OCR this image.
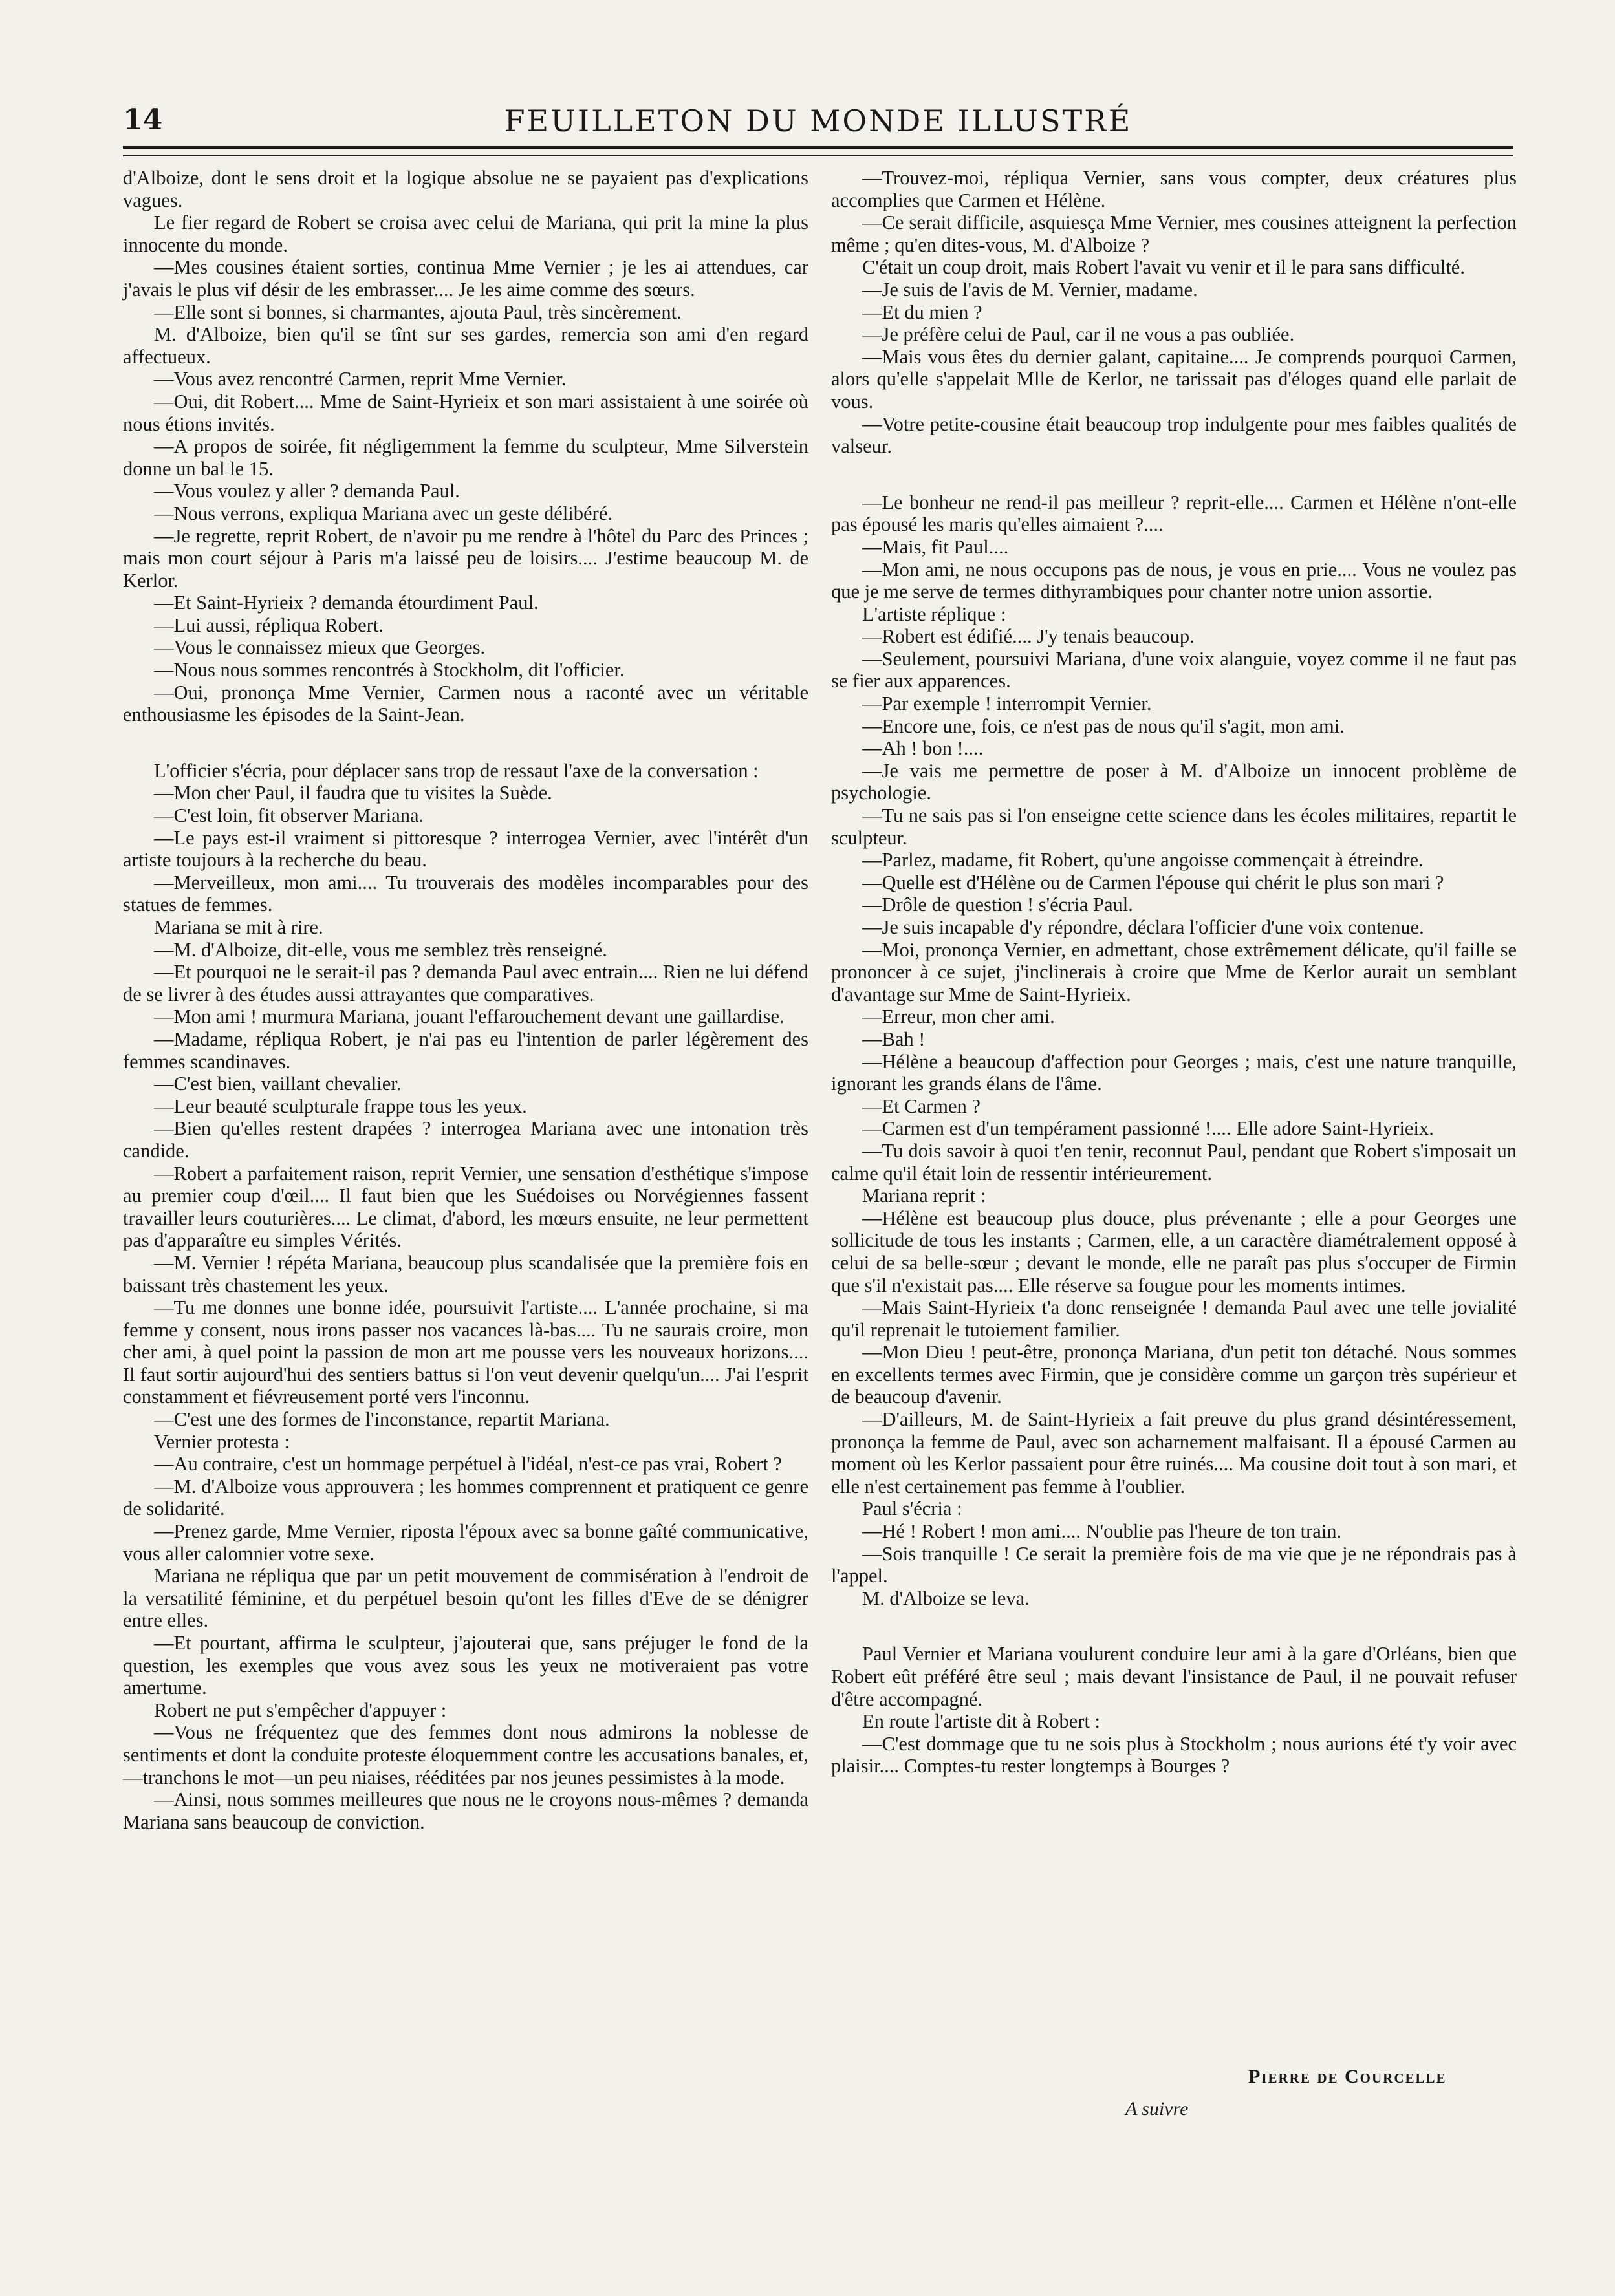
14	FEUILLETON DU MONDE ILLUSTRÉ

d'Alboize, dont le sens droit et la logique absolue ne se payaient pas d'explications vagues.

Le fier regard de Robert se croisa avec celui de Mariana, qui prit la mine la plus innocente du monde.

—Mes cousines étaient sorties, continua Mme Vernier ; je les ai attendues, car j'avais le plus vif désir de les embrasser.... Je les aime comme des sœurs.

—Elle sont si bonnes, si charmantes, ajouta Paul, très sincèrement.

M. d'Alboize, bien qu'il se tînt sur ses gardes, remercia son ami d'en regard affectueux.

—Vous avez rencontré Carmen, reprit Mme Vernier.

—Oui, dit Robert.... Mme de Saint-Hyrieix et son mari assistaient à une soirée où nous étions invités.

—A propos de soirée, fit négligemment la femme du sculpteur, Mme Silverstein donne un bal le 15.

—Vous voulez y aller ? demanda Paul.

—Nous verrons, expliqua Mariana avec un geste délibéré.

—Je regrette, reprit Robert, de n'avoir pu me rendre à l'hôtel du Parc des Princes ; mais mon court séjour à Paris m'a laissé peu de loisirs.... J'estime beaucoup M. de Kerlor.

—Et Saint-Hyrieix ? demanda étourdiment Paul.

—Lui aussi, répliqua Robert.

—Vous le connaissez mieux que Georges.

—Nous nous sommes rencontrés à Stockholm, dit l'officier.

—Oui, prononça Mme Vernier, Carmen nous a raconté avec un véritable enthousiasme les épisodes de la Saint-Jean.

L'officier s'écria, pour déplacer sans trop de ressaut l'axe de la conversation :

—Mon cher Paul, il faudra que tu visites la Suède.

—C'est loin, fit observer Mariana.

—Le pays est-il vraiment si pittoresque ? interrogea Vernier, avec l'intérêt d'un artiste toujours à la recherche du beau.

—Merveilleux, mon ami.... Tu trouverais des modèles incomparables pour des statues de femmes.

Mariana se mit à rire.

—M. d'Alboize, dit-elle, vous me semblez très renseigné.

—Et pourquoi ne le serait-il pas ? demanda Paul avec entrain.... Rien ne lui défend de se livrer à des études aussi attrayantes que comparatives.

—Mon ami ! murmura Mariana, jouant l'effarouchement devant une gaillardise.

—Madame, répliqua Robert, je n'ai pas eu l'intention de parler légèrement des femmes scandinaves.

—C'est bien, vaillant chevalier.

—Leur beauté sculpturale frappe tous les yeux.

—Bien qu'elles restent drapées ? interrogea Mariana avec une intonation très candide.

—Robert a parfaitement raison, reprit Vernier, une sensation d'esthétique s'impose au premier coup d'œil.... Il faut bien que les Suédoises ou Norvégiennes fassent travailler leurs couturières.... Le climat, d'abord, les mœurs ensuite, ne leur permettent pas d'apparaître eu simples Vérités.

—M. Vernier ! répéta Mariana, beaucoup plus scandalisée que la première fois en baissant très chastement les yeux.

—Tu me donnes une bonne idée, poursuivit l'artiste.... L'année prochaine, si ma femme y consent, nous irons passer nos vacances là-bas.... Tu ne saurais croire, mon cher ami, à quel point la passion de mon art me pousse vers les nouveaux horizons.... Il faut sortir aujourd'hui des sentiers battus si l'on veut devenir quelqu'un.... J'ai l'esprit constamment et fiévreusement porté vers l'inconnu.

—C'est une des formes de l'inconstance, repartit Mariana.

Vernier protesta :

—Au contraire, c'est un hommage perpétuel à l'idéal, n'est-ce pas vrai, Robert ?

—M. d'Alboize vous approuvera ; les hommes comprennent et pratiquent ce genre de solidarité.

—Prenez garde, Mme Vernier, riposta l'époux avec sa bonne gaîté communicative, vous aller calomnier votre sexe.

Mariana ne répliqua que par un petit mouvement de commisération à l'endroit de la versatilité féminine, et du perpétuel besoin qu'ont les filles d'Eve de se dénigrer entre elles.

—Et pourtant, affirma le sculpteur, j'ajouterai que, sans préjuger le fond de la question, les exemples que vous avez sous les yeux ne motiveraient pas votre amertume.

Robert ne put s'empêcher d'appuyer :

—Vous ne fréquentez que des femmes dont nous admirons la noblesse de sentiments et dont la conduite proteste éloquemment contre les accusations banales, et,—tranchons le mot—un peu niaises, rééditées par nos jeunes pessimistes à la mode.

—Ainsi, nous sommes meilleures que nous ne le croyons nous-mêmes ? demanda Mariana sans beaucoup de conviction.

—Trouvez-moi, répliqua Vernier, sans vous compter, deux créatures plus accomplies que Carmen et Hélène.

—Ce serait difficile, asquiesça Mme Vernier, mes cousines atteignent la perfection même ; qu'en dites-vous, M. d'Alboize ?

C'était un coup droit, mais Robert l'avait vu venir et il le para sans difficulté.

—Je suis de l'avis de M. Vernier, madame.

—Et du mien ?

—Je préfère celui de Paul, car il ne vous a pas oubliée.

—Mais vous êtes du dernier galant, capitaine.... Je comprends pourquoi Carmen, alors qu'elle s'appelait Mlle de Kerlor, ne tarissait pas d'éloges quand elle parlait de vous.

—Votre petite-cousine était beaucoup trop indulgente pour mes faibles qualités de valseur.

—Le bonheur ne rend-il pas meilleur ? reprit-elle.... Carmen et Hélène n'ont-elle pas épousé les maris qu'elles aimaient ?....

—Mais, fit Paul....

—Mon ami, ne nous occupons pas de nous, je vous en prie.... Vous ne voulez pas que je me serve de termes dithyrambiques pour chanter notre union assortie.

L'artiste réplique :

—Robert est édifié.... J'y tenais beaucoup.

—Seulement, poursuivi Mariana, d'une voix alanguie, voyez comme il ne faut pas se fier aux apparences.

—Par exemple ! interrompit Vernier.

—Encore une, fois, ce n'est pas de nous qu'il s'agit, mon ami.

—Ah ! bon !....

—Je vais me permettre de poser à M. d'Alboize un innocent problème de psychologie.

—Tu ne sais pas si l'on enseigne cette science dans les écoles militaires, repartit le sculpteur.

—Parlez, madame, fit Robert, qu'une angoisse commençait à étreindre.

—Quelle est d'Hélène ou de Carmen l'épouse qui chérit le plus son mari ?

—Drôle de question ! s'écria Paul.

—Je suis incapable d'y répondre, déclara l'officier d'une voix contenue.

—Moi, prononça Vernier, en admettant, chose extrêmement délicate, qu'il faille se prononcer à ce sujet, j'inclinerais à croire que Mme de Kerlor aurait un semblant d'avantage sur Mme de Saint-Hyrieix.

—Erreur, mon cher ami.

—Bah !

—Hélène a beaucoup d'affection pour Georges ; mais, c'est une nature tranquille, ignorant les grands élans de l'âme.

—Et Carmen ?

—Carmen est d'un tempérament passionné !.... Elle adore Saint-Hyrieix.

—Tu dois savoir à quoi t'en tenir, reconnut Paul, pendant que Robert s'imposait un calme qu'il était loin de ressentir intérieurement.

Mariana reprit :

—Hélène est beaucoup plus douce, plus prévenante ; elle a pour Georges une sollicitude de tous les instants ; Carmen, elle, a un caractère diamétralement opposé à celui de sa belle-sœur ; devant le monde, elle ne paraît pas plus s'occuper de Firmin que s'il n'existait pas.... Elle réserve sa fougue pour les moments intimes.

—Mais Saint-Hyrieix t'a donc renseignée ! demanda Paul avec une telle jovialité qu'il reprenait le tutoiement familier.

—Mon Dieu ! peut-être, prononça Mariana, d'un petit ton détaché. Nous sommes en excellents termes avec Firmin, que je considère comme un garçon très supérieur et de beaucoup d'avenir.

—D'ailleurs, M. de Saint-Hyrieix a fait preuve du plus grand désintéressement, prononça la femme de Paul, avec son acharnement malfaisant. Il a épousé Carmen au moment où les Kerlor passaient pour être ruinés.... Ma cousine doit tout à son mari, et elle n'est certainement pas femme à l'oublier.

Paul s'écria :

—Hé ! Robert ! mon ami.... N'oublie pas l'heure de ton train.

—Sois tranquille ! Ce serait la première fois de ma vie que je ne répondrais pas à l'appel.

M. d'Alboize se leva.

Paul Vernier et Mariana voulurent conduire leur ami à la gare d'Orléans, bien que Robert eût préféré être seul ; mais devant l'insistance de Paul, il ne pouvait refuser d'être accompagné.

En route l'artiste dit à Robert :

—C'est dommage que tu ne sois plus à Stockholm ; nous aurions été t'y voir avec plaisir.... Comptes-tu rester longtemps à Bourges ?

Pierre de Courcelle
A suivre
